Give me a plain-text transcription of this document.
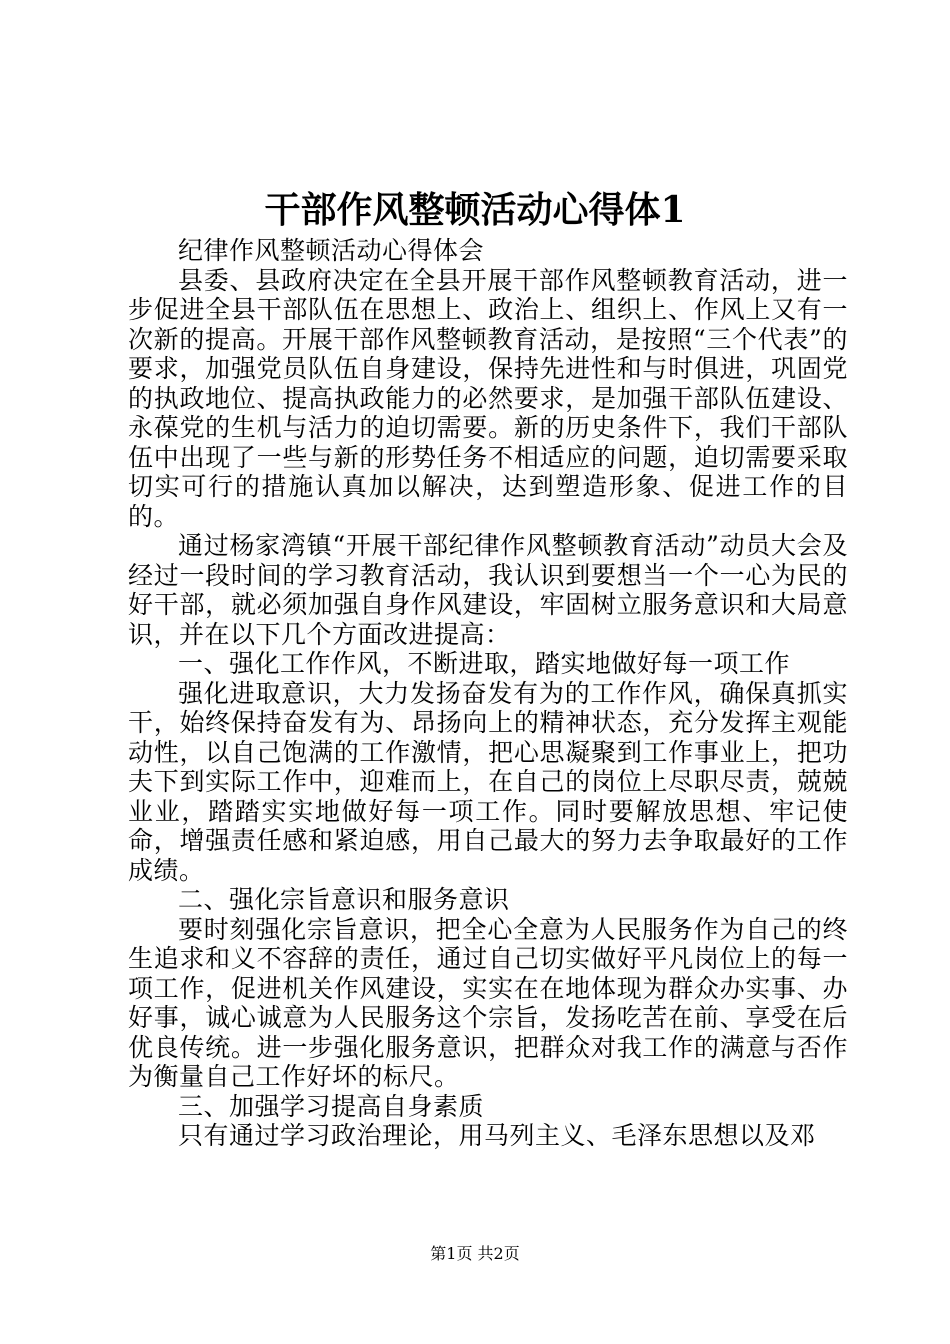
干部作风整顿活动心得体1

纪律作风整顿活动心得体会

县委、县政府决定在全县开展干部作风整顿教育活动，进一步促进全县干部队伍在思想上、政治上、组织上、作风上又有一次新的提高。开展干部作风整顿教育活动，是按照“三个代表”的要求，加强党员队伍自身建设，保持先进性和与时俱进，巩固党的执政地位、提高执政能力的必然要求，是加强干部队伍建设、永葆党的生机与活力的迫切需要。新的历史条件下，我们干部队伍中出现了一些与新的形势任务不相适应的问题，迫切需要采取切实可行的措施认真加以解决，达到塑造形象、促进工作的目的。

通过杨家湾镇“开展干部纪律作风整顿教育活动”动员大会及经过一段时间的学习教育活动，我认识到要想当一个一心为民的好干部，就必须加强自身作风建设，牢固树立服务意识和大局意识，并在以下几个方面改进提高：

一、强化工作作风，不断进取，踏实地做好每一项工作

强化进取意识，大力发扬奋发有为的工作作风，确保真抓实干，始终保持奋发有为、昂扬向上的精神状态，充分发挥主观能动性，以自己饱满的工作激情，把心思凝聚到工作事业上，把功夫下到实际工作中，迎难而上，在自己的岗位上尽职尽责，兢兢业业，踏踏实实地做好每一项工作。同时要解放思想、牢记使命，增强责任感和紧迫感，用自己最大的努力去争取最好的工作成绩。

二、强化宗旨意识和服务意识

要时刻强化宗旨意识，把全心全意为人民服务作为自己的终生追求和义不容辞的责任，通过自己切实做好平凡岗位上的每一项工作，促进机关作风建设，实实在在地体现为群众办实事、办好事，诚心诚意为人民服务这个宗旨，发扬吃苦在前、享受在后优良传统。进一步强化服务意识，把群众对我工作的满意与否作为衡量自己工作好坏的标尺。

三、加强学习提高自身素质

只有通过学习政治理论，用马列主义、毛泽东思想以及邓

第1页 共2页
